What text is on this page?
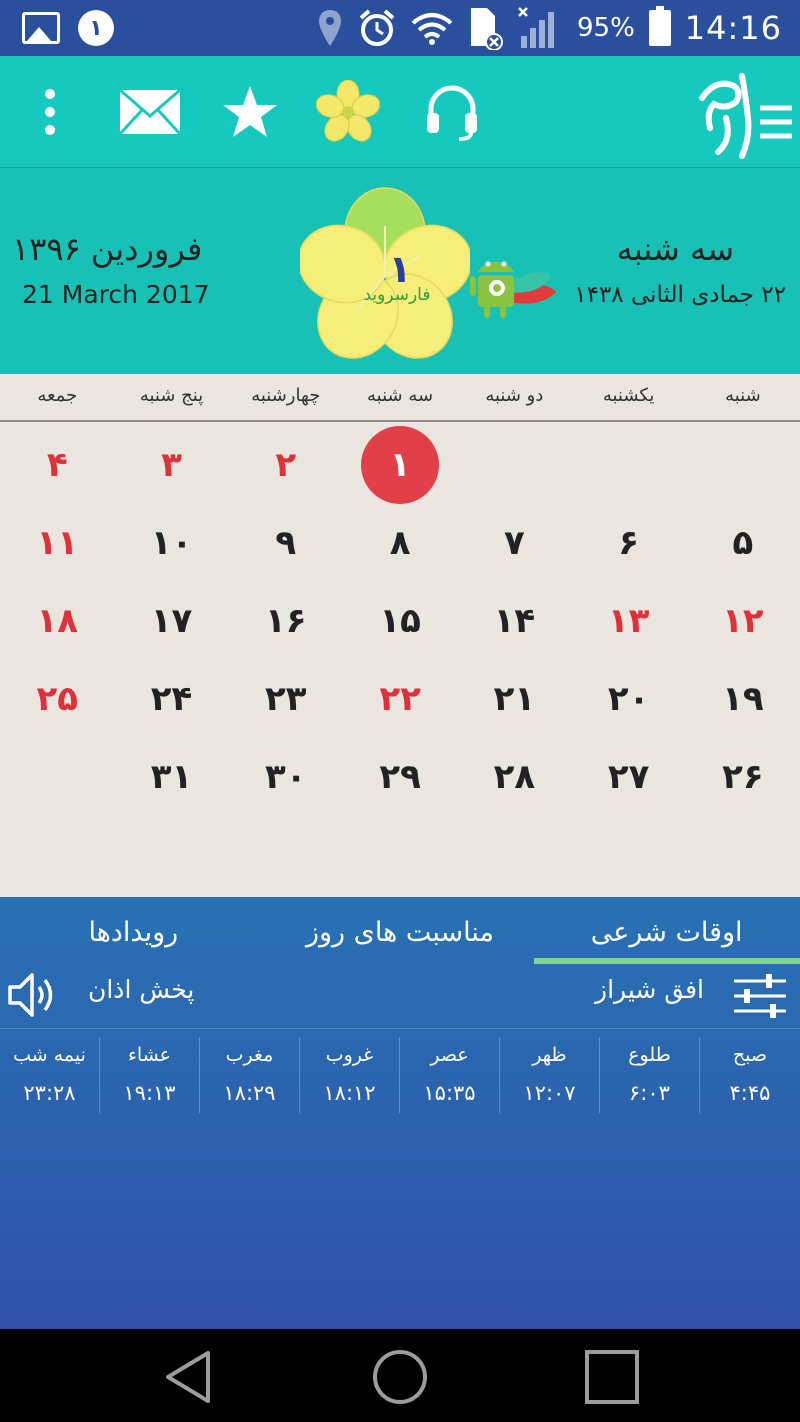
۱	95% 14:16
فروردین ۱۳۹۶
21 March 2017
۱
فارسروید
سه شنبه
۲۲ جمادی الثانی ۱۴۳۸
شنبه
یکشنبه
دو شنبه
سه شنبه
چهارشنبه
پنج شنبه
جمعه
۱
۲
۳
۴
۵
۶
۷
۸
۹
۱۰
۱۱
۱۲
۱۳
۱۴
۱۵
۱۶
۱۷
۱۸
۱۹
۲۰
۲۱
۲۲
۲۳
۲۴
۲۵
۲۶
۲۷
۲۸
۲۹
۳۰
۳۱
اوقات شرعی
مناسبت های روز
رویدادها
افق شیراز
پخش اذان
صبح
۴:۴۵
طلوع
۶:۰۳
ظهر
۱۲:۰۷
عصر
۱۵:۳۵
غروب
۱۸:۱۲
مغرب
۱۸:۲۹
عشاء
۱۹:۱۳
نیمه شب
۲۳:۲۸
